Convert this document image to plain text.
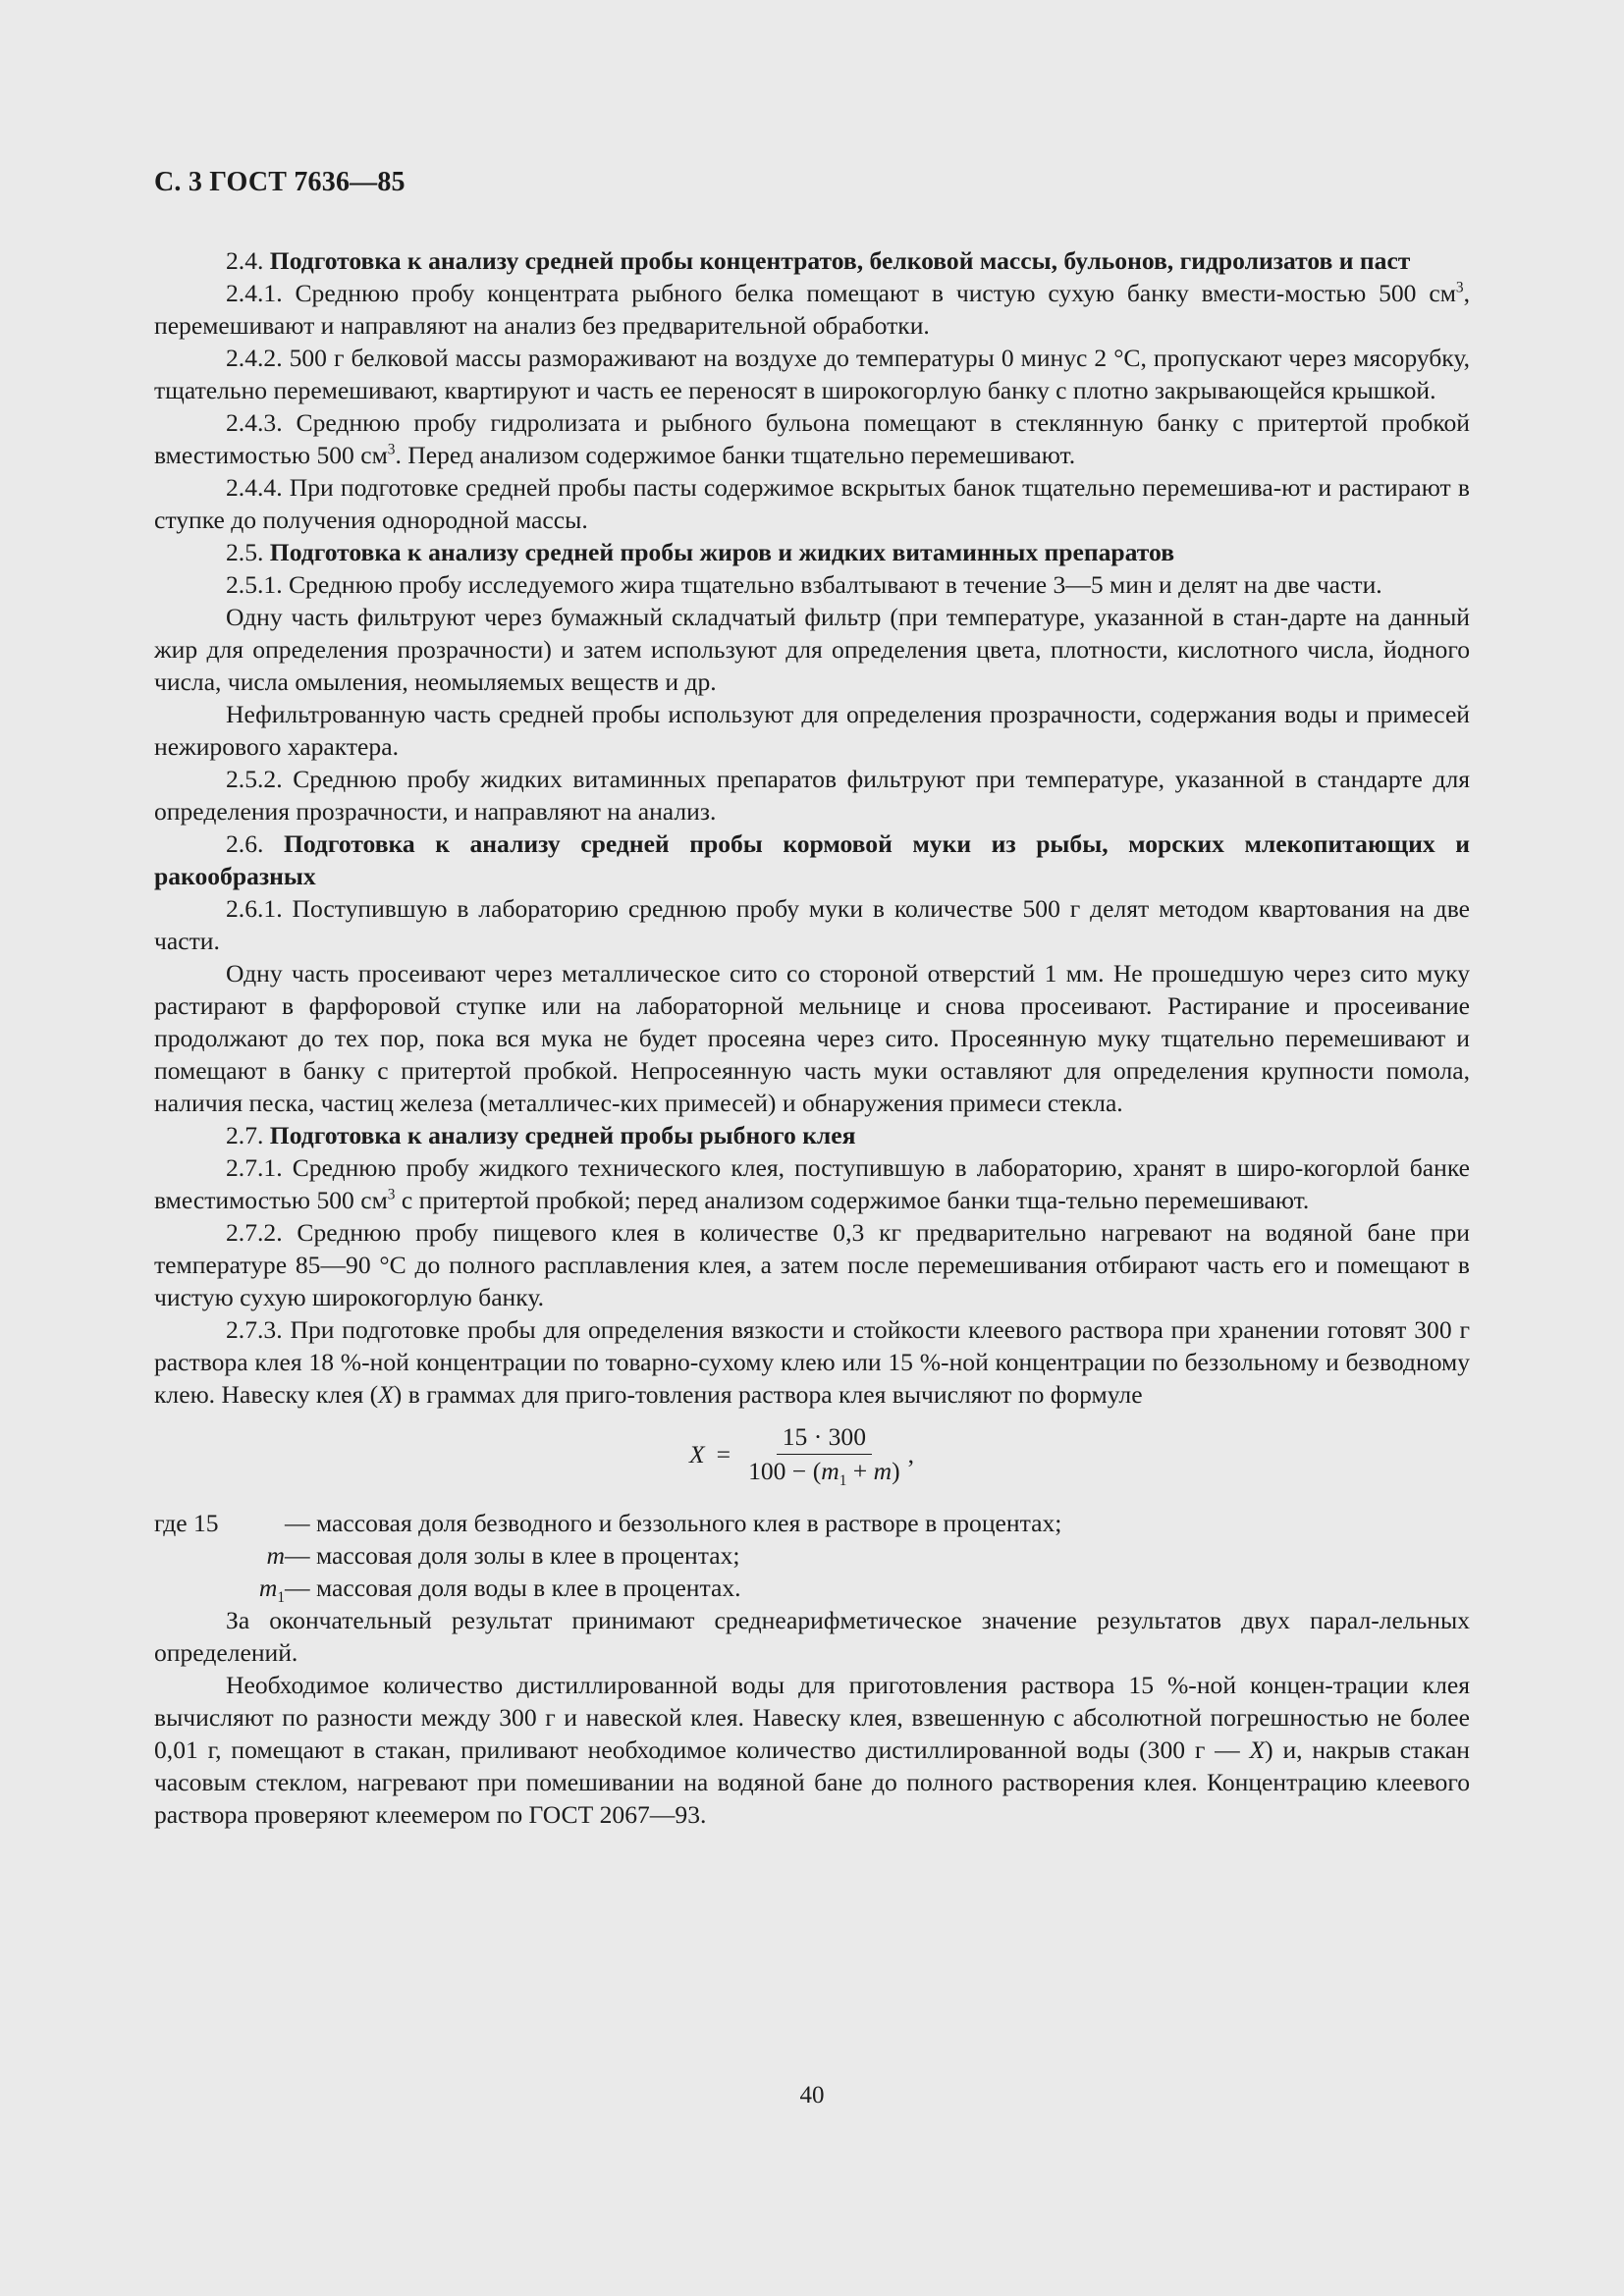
С. 3 ГОСТ 7636—85

2.4. Подготовка к анализу средней пробы концентратов, белковой массы, бульонов, гидролизатов и паст

2.4.1. Среднюю пробу концентрата рыбного белка помещают в чистую сухую банку вмести-мостью 500 $см^3$, перемешивают и направляют на анализ без предварительной обработки.

2.4.2. 500 г белковой массы размораживают на воздухе до температуры 0 минус 2 °С, пропускают через мясорубку, тщательно перемешивают, квартируют и часть ее переносят в широкогорлую банку с плотно закрывающейся крышкой.

2.4.3. Среднюю пробу гидролизата и рыбного бульона помещают в стеклянную банку с притертой пробкой вместимостью 500 $см^3$. Перед анализом содержимое банки тщательно перемешивают.

2.4.4. При подготовке средней пробы пасты содержимое вскрытых банок тщательно перемешива-ют и растирают в ступке до получения однородной массы.

2.5. Подготовка к анализу средней пробы жиров и жидких витаминных препаратов

2.5.1. Среднюю пробу исследуемого жира тщательно взбалтывают в течение 3—5 мин и делят на две части.

Одну часть фильтруют через бумажный складчатый фильтр (при температуре, указанной в стан-дарте на данный жир для определения прозрачности) и затем используют для определения цвета, плотности, кислотного числа, йодного числа, числа омыления, неомыляемых веществ и др.

Нефильтрованную часть средней пробы используют для определения прозрачности, содержания воды и примесей нежирового характера.

2.5.2. Среднюю пробу жидких витаминных препаратов фильтруют при температуре, указанной в стандарте для определения прозрачности, и направляют на анализ.

2.6. Подготовка к анализу средней пробы кормовой муки из рыбы, морских млекопитающих и ракообразных

2.6.1. Поступившую в лабораторию среднюю пробу муки в количестве 500 г делят методом квартования на две части.

Одну часть просеивают через металлическое сито со стороной отверстий 1 мм. Не прошедшую через сито муку растирают в фарфоровой ступке или на лабораторной мельнице и снова просеивают. Растирание и просеивание продолжают до тех пор, пока вся мука не будет просеяна через сито. Просеянную муку тщательно перемешивают и помещают в банку с притертой пробкой. Непросеянную часть муки оставляют для определения крупности помола, наличия песка, частиц железа (металличес-ких примесей) и обнаружения примеси стекла.

2.7. Подготовка к анализу средней пробы рыбного клея

2.7.1. Среднюю пробу жидкого технического клея, поступившую в лабораторию, хранят в широ-когорлой банке вместимостью 500 $см^3$ с притертой пробкой; перед анализом содержимое банки тща-тельно перемешивают.

2.7.2. Среднюю пробу пищевого клея в количестве 0,3 кг предварительно нагревают на водяной бане при температуре 85—90 °С до полного расплавления клея, а затем после перемешивания отбирают часть его и помещают в чистую сухую широкогорлую банку.

2.7.3. При подготовке пробы для определения вязкости и стойкости клеевого раствора при хранении готовят 300 г раствора клея 18 %-ной концентрации по товарно-сухому клею или 15 %-ной концентрации по беззольному и безводному клею. Навеску клея (X) в граммах для приго-товления раствора клея вычисляют по формуле

$X = \frac{15 \cdot 300}{100 - (m_1 + m)}$ ,
где 15	— массовая доля безводного и беззольного клея в растворе в процентах;
m — массовая доля золы в клее в процентах;
$m_1$ — массовая доля воды в клее в процентах.

За окончательный результат принимают среднеарифметическое значение результатов двух парал-лельных определений.

Необходимое количество дистиллированной воды для приготовления раствора 15 %-ной концен-трации клея вычисляют по разности между 300 г и навеской клея. Навеску клея, взвешенную с абсолютной погрешностью не более 0,01 г, помещают в стакан, приливают необходимое количество дистиллированной воды (300 г — X) и, накрыв стакан часовым стеклом, нагревают при помешивании на водяной бане до полного растворения клея. Концентрацию клеевого раствора проверяют клеемером по ГОСТ 2067—93.

40
